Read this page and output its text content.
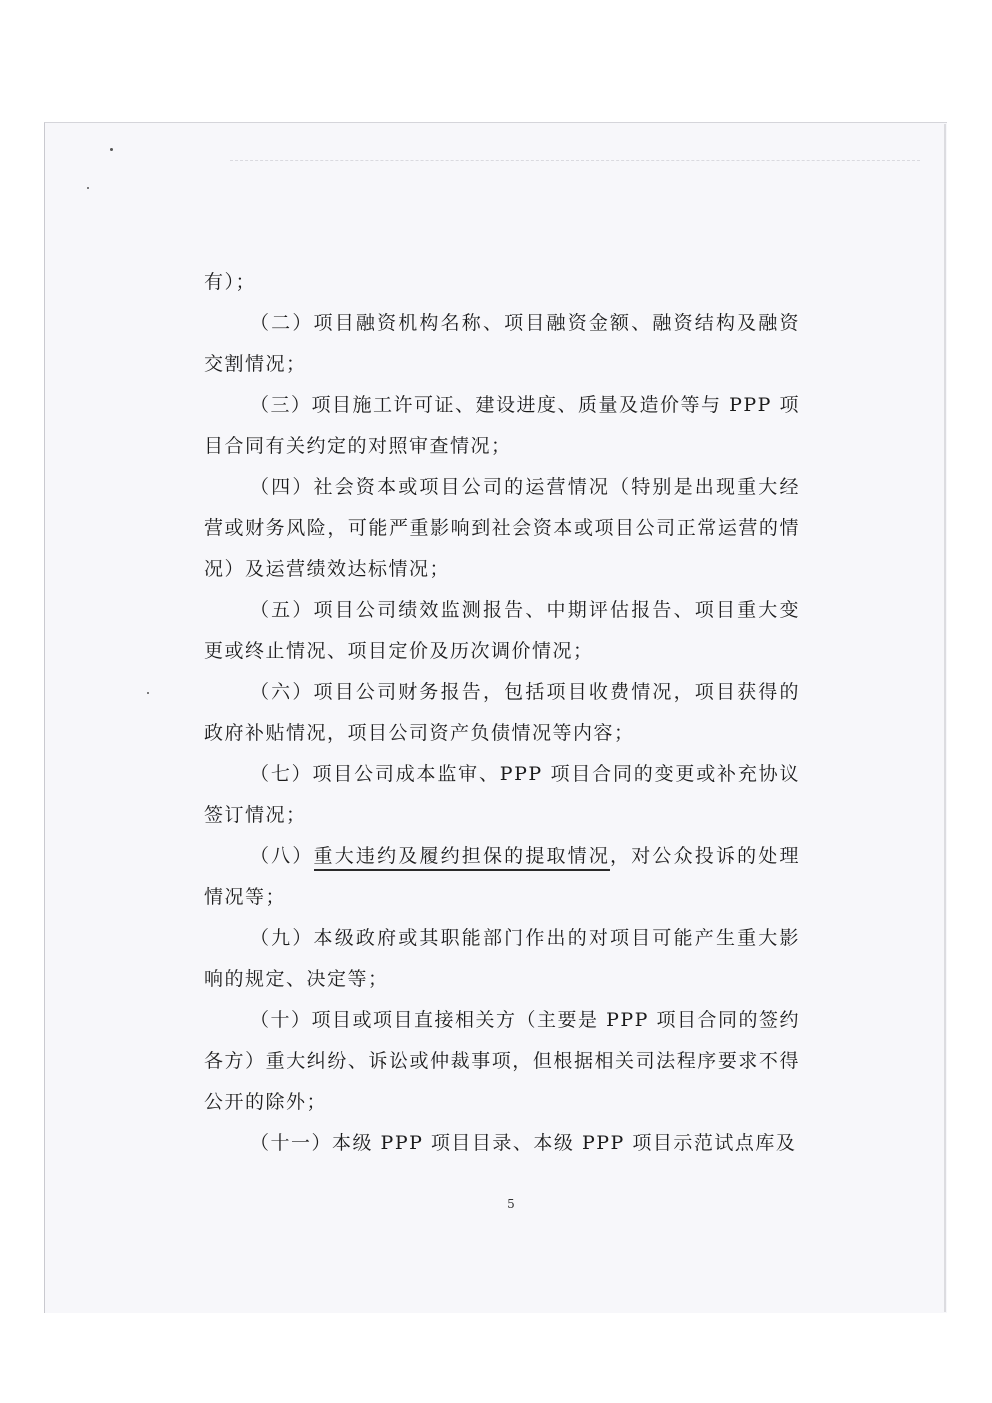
有）；

（二）项目融资机构名称、项目融资金额、融资结构及融资交割情况；

（三）项目施工许可证、建设进度、质量及造价等与 PPP 项目合同有关约定的对照审查情况；

（四）社会资本或项目公司的运营情况（特别是出现重大经营或财务风险，可能严重影响到社会资本或项目公司正常运营的情况）及运营绩效达标情况；

（五）项目公司绩效监测报告、中期评估报告、项目重大变更或终止情况、项目定价及历次调价情况；

（六）项目公司财务报告，包括项目收费情况，项目获得的政府补贴情况，项目公司资产负债情况等内容；

（七）项目公司成本监审、PPP 项目合同的变更或补充协议签订情况；

（八）重大违约及履约担保的提取情况，对公众投诉的处理情况等；

（九）本级政府或其职能部门作出的对项目可能产生重大影响的规定、决定等；

（十）项目或项目直接相关方（主要是 PPP 项目合同的签约各方）重大纠纷、诉讼或仲裁事项，但根据相关司法程序要求不得公开的除外；

（十一）本级 PPP 项目目录、本级 PPP 项目示范试点库及

5
